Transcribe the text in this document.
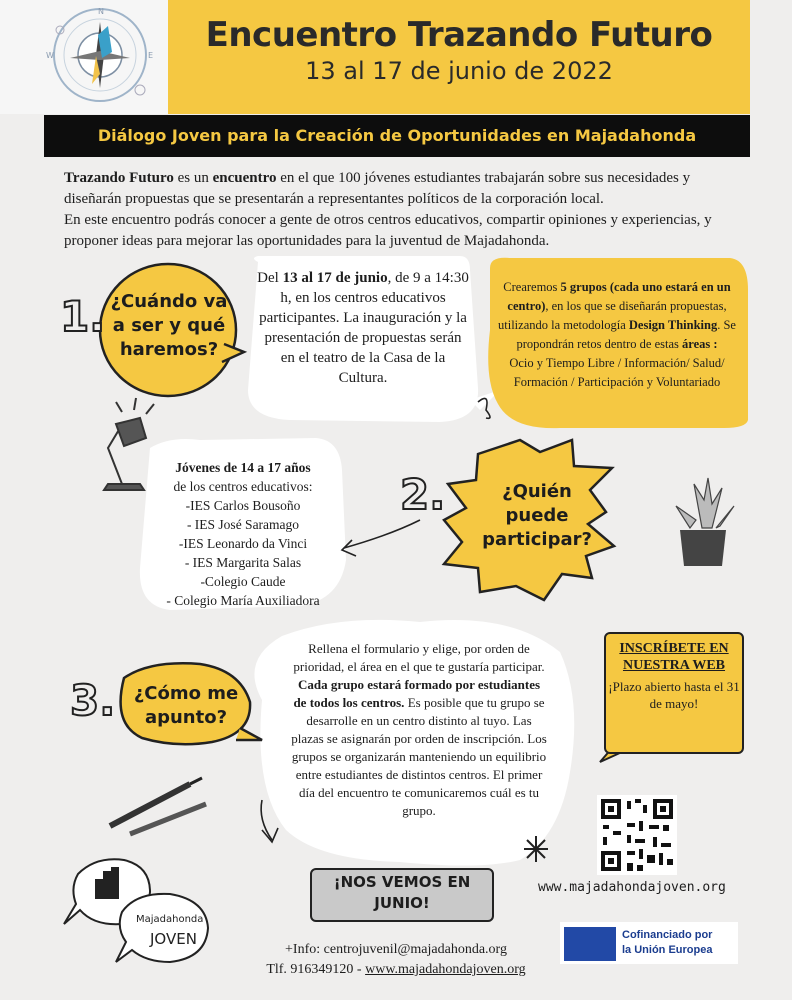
N
E
W
Majadahonda
JOVEN
Encuentro Trazando Futuro
13 al 17 de junio de 2022
Diálogo Joven para la Creación de Oportunidades en Majadahonda
Trazando Futuro es un encuentro en el que 100 jóvenes estudiantes trabajarán sobre sus necesidades y diseñarán propuestas que se presentarán a representantes políticos de la corporación local.
En este encuentro podrás conocer a gente de otros centros educativos, compartir opiniones y experiencias, y proponer ideas para mejorar las oportunidades para la juventud de Majadahonda.
1. ¿Cuándo va a ser y qué haremos?
Del 13 al 17 de junio, de 9 a 14:30 h, en los centros educativos participantes. La inauguración y la presentación de propuestas serán en el teatro de la Casa de la Cultura.
Crearemos 5 grupos (cada uno estará en un centro), en los que se diseñarán propuestas, utilizando la metodología Design Thinking. Se propondrán retos dentro de estas áreas :
Ocio y Tiempo Libre / Información/ Salud/ Formación / Participación y Voluntariado
Jóvenes de 14 a 17 años
de los centros educativos:
-IES Carlos Bousoño
- IES José Saramago
-IES Leonardo da Vinci
- IES Margarita Salas
-Colegio Caude
- Colegio María Auxiliadora
2.	¿Quién puede participar?
3.	¿Cómo me apunto?
Rellena el formulario y elige, por orden de prioridad, el área en el que te gustaría participar. Cada grupo estará formado por estudiantes de todos los centros. Es posible que tu grupo se desarrolle en un centro distinto al tuyo. Las plazas se asignarán por orden de inscripción. Los grupos se organizarán manteniendo un equilibrio entre estudiantes de distintos centros. El primer día del encuentro te comunicaremos cuál es tu grupo.
INSCRÍBETE EN NUESTRA WEB
¡Plazo abierto hasta el 31 de mayo!
¡NOS VEMOS EN JUNIO!
www.majadahondajoven.org
+Info: centrojuvenil@majadahonda.org
Tlf. 916349120 - www.majadahondajoven.org
Cofinanciado por
la Unión Europea
